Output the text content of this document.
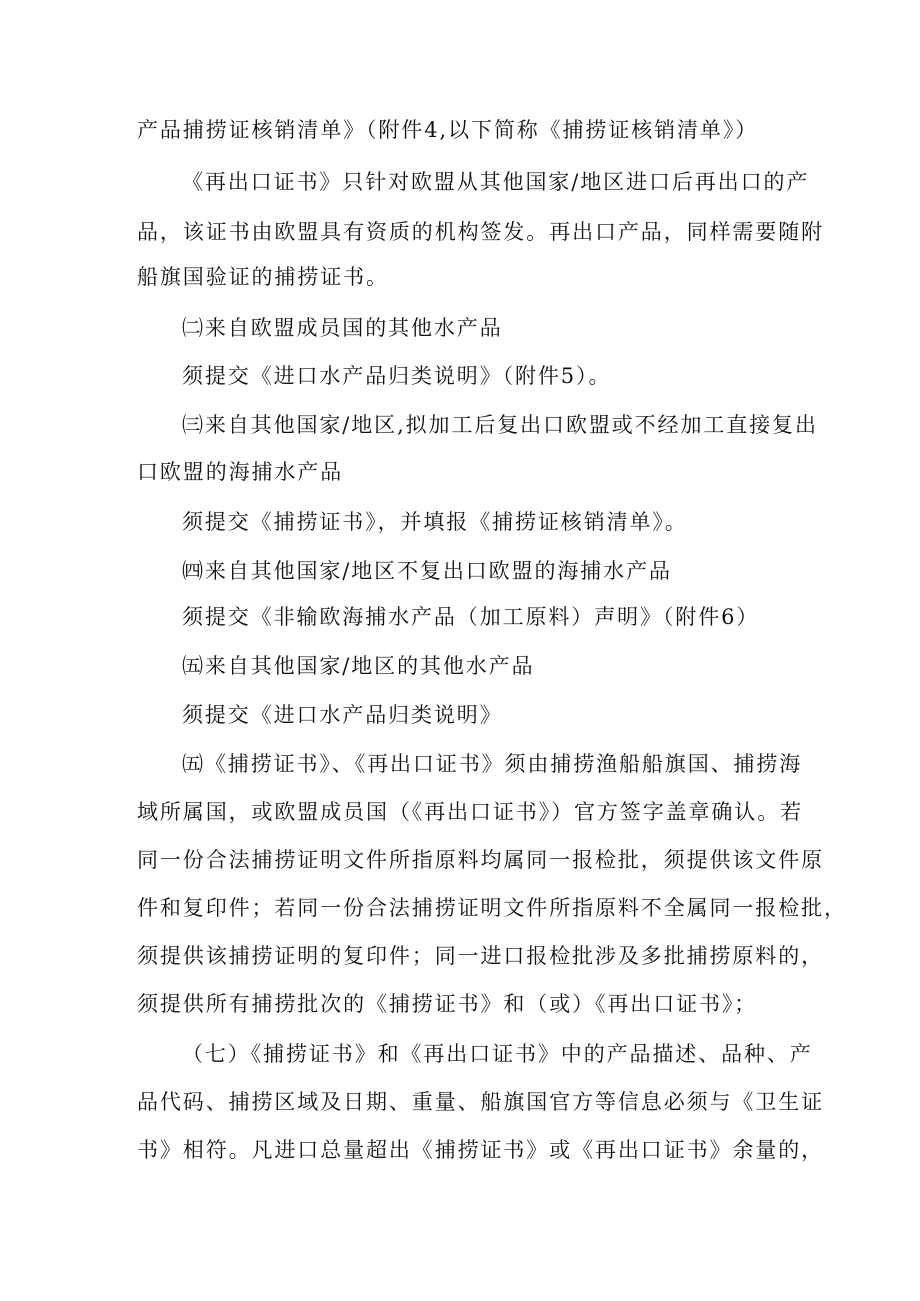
产品捕捞证核销清单》（附件4,以下简称《捕捞证核销清单》）
《再出口证书》只针对欧盟从其他国家/地区进口后再出口的产
品，该证书由欧盟具有资质的机构签发。再出口产品，同样需要随附
船旗国验证的捕捞证书。
㈡来自欧盟成员国的其他水产品
须提交《进口水产品归类说明》（附件5）。
㈢来自其他国家/地区,拟加工后复出口欧盟或不经加工直接复出
口欧盟的海捕水产品
须提交《捕捞证书》，并填报《捕捞证核销清单》。
㈣来自其他国家/地区不复出口欧盟的海捕水产品
须提交《非输欧海捕水产品（加工原料）声明》（附件6）
㈤来自其他国家/地区的其他水产品
须提交《进口水产品归类说明》
㈤《捕捞证书》、《再出口证书》须由捕捞渔船船旗国、捕捞海
域所属国，或欧盟成员国（《再出口证书》）官方签字盖章确认。若
同一份合法捕捞证明文件所指原料均属同一报检批，须提供该文件原
件和复印件；若同一份合法捕捞证明文件所指原料不全属同一报检批，
须提供该捕捞证明的复印件；同一进口报检批涉及多批捕捞原料的，
须提供所有捕捞批次的《捕捞证书》和（或）《再出口证书》；
（七）《捕捞证书》和《再出口证书》中的产品描述、品种、产
品代码、捕捞区域及日期、重量、船旗国官方等信息必须与《卫生证
书》相符。凡进口总量超出《捕捞证书》或《再出口证书》余量的，
